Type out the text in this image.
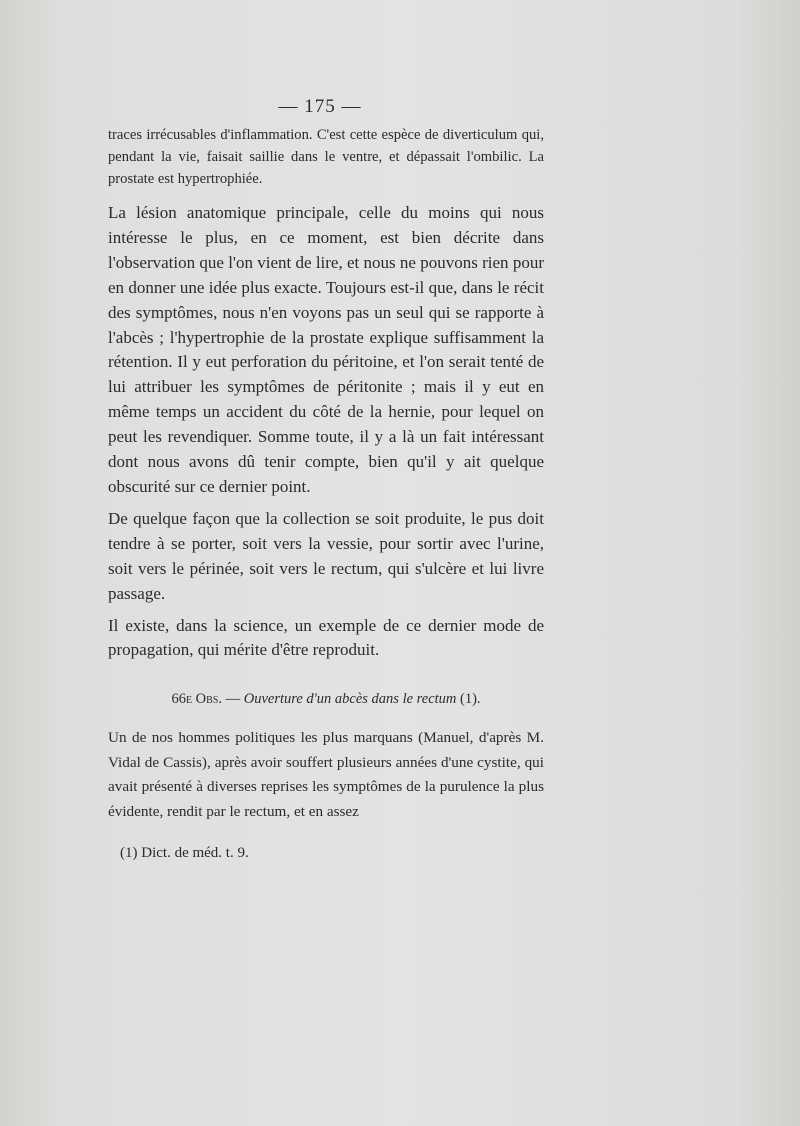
— 175 —

traces irrécusables d'inflammation. C'est cette espèce de diverticulum qui, pendant la vie, faisait saillie dans le ventre, et dépassait l'ombilic. La prostate est hypertrophiée.

La lésion anatomique principale, celle du moins qui nous intéresse le plus, en ce moment, est bien décrite dans l'observation que l'on vient de lire, et nous ne pouvons rien pour en donner une idée plus exacte. Toujours est-il que, dans le récit des symptômes, nous n'en voyons pas un seul qui se rapporte à l'abcès ; l'hypertrophie de la prostate explique suffisamment la rétention. Il y eut perforation du péritoine, et l'on serait tenté de lui attribuer les symptômes de péritonite ; mais il y eut en même temps un accident du côté de la hernie, pour lequel on peut les revendiquer. Somme toute, il y a là un fait intéressant dont nous avons dû tenir compte, bien qu'il y ait quelque obscurité sur ce dernier point.

De quelque façon que la collection se soit produite, le pus doit tendre à se porter, soit vers la vessie, pour sortir avec l'urine, soit vers le périnée, soit vers le rectum, qui s'ulcère et lui livre passage.

Il existe, dans la science, un exemple de ce dernier mode de propagation, qui mérite d'être reproduit.

66e Obs. — Ouverture d'un abcès dans le rectum (1).

Un de nos hommes politiques les plus marquans (Manuel, d'après M. Vidal de Cassis), après avoir souffert plusieurs années d'une cystite, qui avait présenté à diverses reprises les symptômes de la purulence la plus évidente, rendit par le rectum, et en assez

(1) Dict. de méd. t. 9.
